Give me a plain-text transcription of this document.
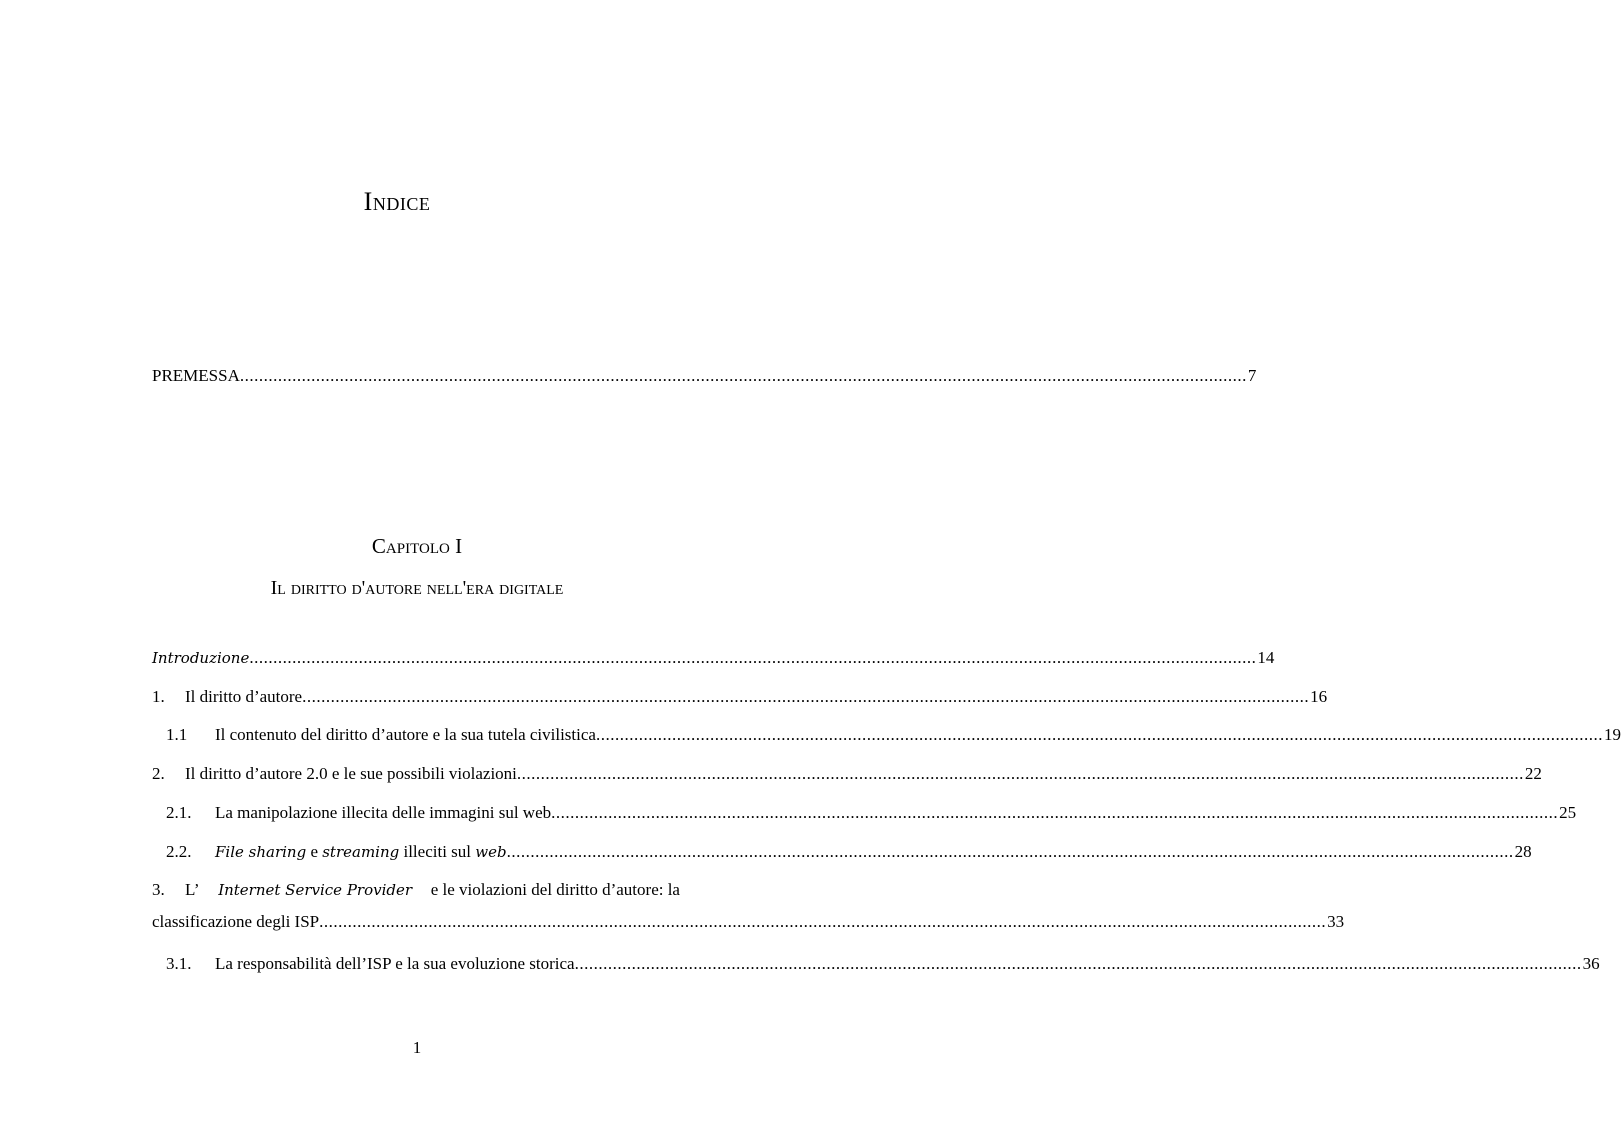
Indice
PREMESSA .....	7
Capitolo I
Il diritto d'autore nell'era digitale
Introduzione .....	14
1.	Il diritto d’autore .....	16
1.1	Il contenuto del diritto d’autore e la sua tutela civilistica .....	19
2.	Il diritto d’autore 2.0 e le sue possibili violazioni .....	22
2.1.	La manipolazione illecita delle immagini sul web .....	25
2.2.	File sharing e streaming illeciti sul web .....	28
3.	L’ Internet Service Provider e le violazioni del diritto d’autore: la
classificazione degli ISP .....	33
3.1.	La responsabilità dell’ISP e la sua evoluzione storica .....	36
1
